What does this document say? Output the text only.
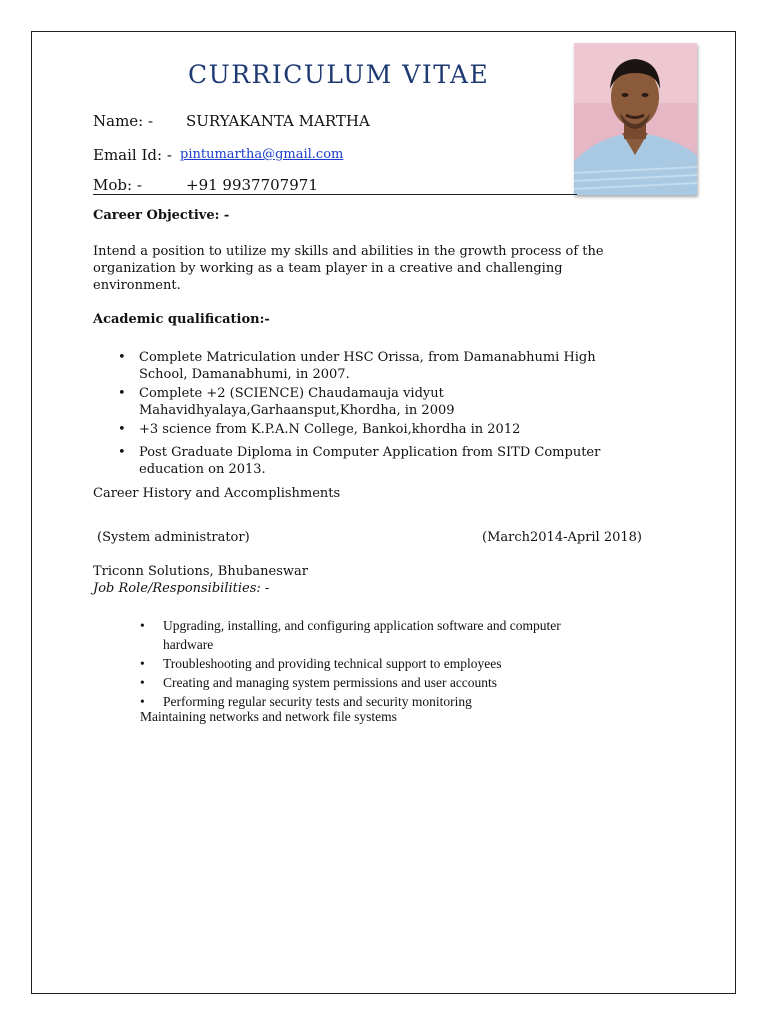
CURRICULUM VITAE
Name: - SURYAKANTA MARTHA
Email Id: - pintumartha@gmail.com
Mob: -	+91 9937707971
Career Objective: -
Intend a position to utilize my skills and abilities in the growth process of the organization by working as a team player in a creative and challenging environment.
Academic qualification:-
• Complete Matriculation under HSC Orissa, from Damanabhumi High School, Damanabhumi, in 2007.
• Complete +2 (SCIENCE) Chaudamauja vidyut Mahavidhyalaya,Garhaansput,Khordha, in 2009
• +3 science from K.P.A.N College, Bankoi,khordha in 2012
• Post Graduate Diploma in Computer Application from SITD Computer education on 2013.
Career History and Accomplishments
(System administrator)	(March2014-April 2018)
Triconn Solutions, Bhubaneswar
Job Role/Responsibilities: -
• Upgrading, installing, and configuring application software and computer hardware
• Troubleshooting and providing technical support to employees
• Creating and managing system permissions and user accounts
• Performing regular security tests and security monitoring
Maintaining networks and network file systems
